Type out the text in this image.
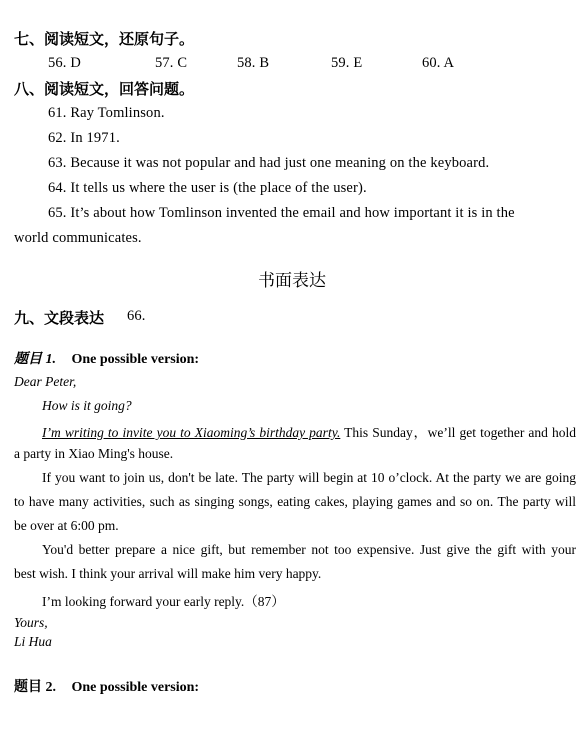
七、阅读短文，还原句子。
56. D	57. C	58. B	59. E	60. A
八、阅读短文，回答问题。
61. Ray Tomlinson.
62. In 1971.
63. Because it was not popular and had just one meaning on the keyboard.
64. It tells us where the user is (the place of the user).
65. It’s about how Tomlinson invented the email and how important it is in the
world communicates.
书面表达
九、文段表达 66.
题目 1. One possible version:
Dear Peter,
How is it going?
I’m writing to invite you to Xiaoming’s birthday party. This Sunday，we’ll get together and hold
a party in Xiao Ming's house.
If you want to join us, don't be late. The party will begin at 10 o’clock. At the party we are going
to have many activities, such as singing songs, eating cakes, playing games and so on. The party will
be over at 6:00 pm.
You'd better prepare a nice gift, but remember not too expensive. Just give the gift with your
best wish. I think your arrival will make him very happy.
I’m looking forward your early reply.（87）
Yours,
Li Hua
题目 2. One possible version:
